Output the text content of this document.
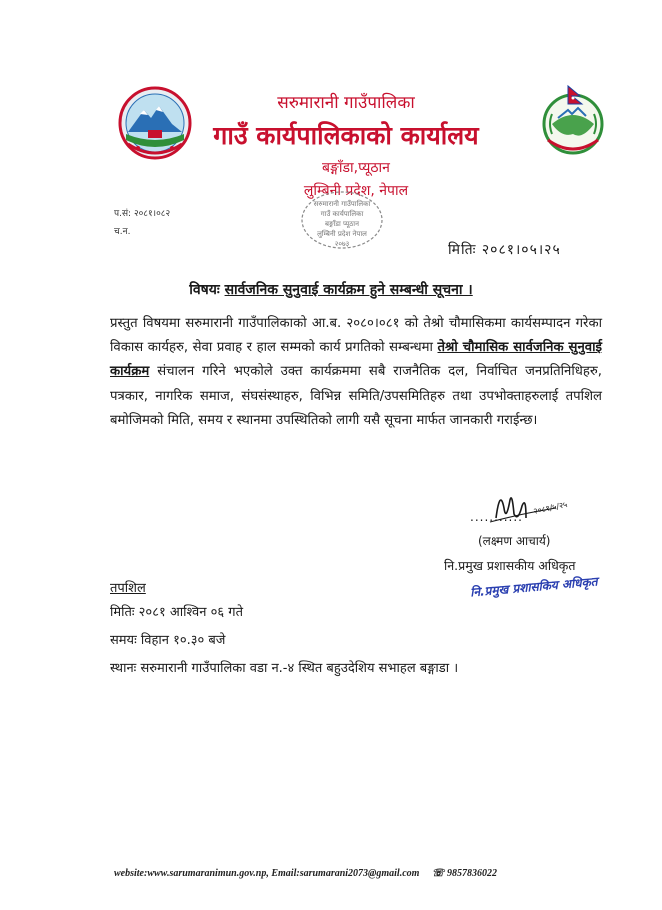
सरुमारानी गाउँपालिका
गाउँ कार्यपालिकाको कार्यालय
बङ्गाँडा,प्यूठान
लुम्बिनी प्रदेश, नेपाल
प.सं: २०८१।०८२
च.न.
सरुमारानी गाउँपालिका
गाउँ कार्यपालिका
बङ्गाँडा प्यूठान
लुम्बिनी प्रदेश नेपाल
२०७३	मितिः २०८१।०५।२५
विषयः सार्वजनिक सुनुवाई कार्यक्रम हुने सम्बन्धी सूचना ।
प्रस्तुत विषयमा सरुमारानी गाउँपालिकाको आ.ब. २०८०।०८१ को तेश्रो चौमासिकमा कार्यसम्पादन गरेका विकास कार्यहरु, सेवा प्रवाह र हाल सम्मको कार्य प्रगतिको सम्बन्धमा तेश्रो चौमासिक सार्वजनिक सुनुवाई कार्यक्रम संचालन गरिने भएकोले उक्त कार्यक्रममा सबै राजनैतिक दल, निर्वाचित जनप्रतिनिधिहरु, पत्रकार, नागरिक समाज, संघसंस्थाहरु, विभिन्न समिति/उपसमितिहरु तथा उपभोक्ताहरुलाई तपशिल बमोजिमको मिति, समय र स्थानमा उपस्थितिको लागी यसै सूचना मार्फत जानकारी गराईन्छ।
२०८१/५/२५
...........
(लक्ष्मण आचार्य)
नि.प्रमुख प्रशासकीय अधिकृत
नि.प्रमुख प्रशासकिय अधिकृत
तपशिल
मितिः २०८१ आश्विन ०६ गते
समयः विहान १०.३० बजे
स्थानः सरुमारानी गाउँपालिका वडा न.-४ स्थित बहुउदेशिय सभाहल बङ्गाडा ।
website:www.sarumaranimun.gov.np, Email:sarumarani2073@gmail.com ☏ 9857836022
